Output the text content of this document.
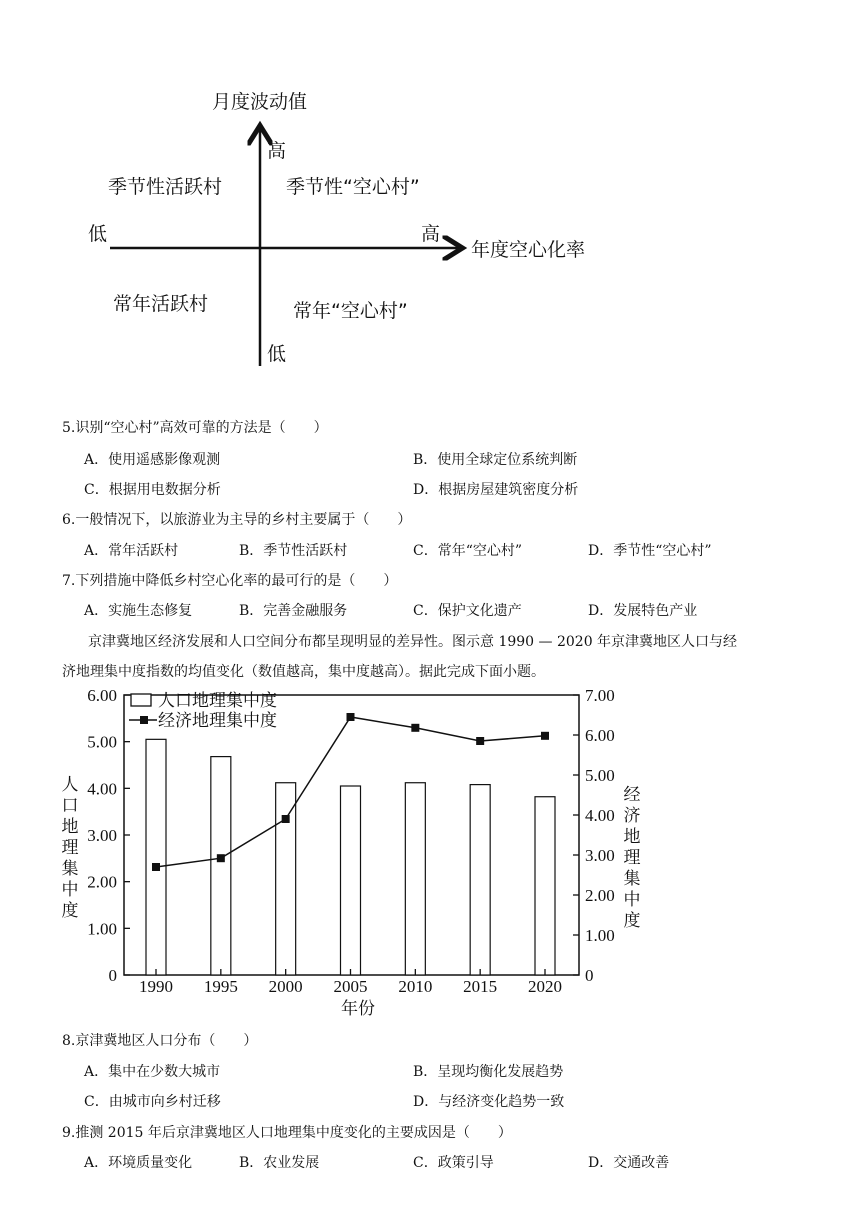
月度波动值
年度空心化率
高
低
高
低
季节性活跃村	季节性“空心村”
常年活跃村	常年“空心村”
5.识别“空心村”高效可靠的方法是（　　）
A．使用遥感影像观测	B．使用全球定位系统判断
C．根据用电数据分析	D．根据房屋建筑密度分析
6.一般情况下，以旅游业为主导的乡村主要属于（　　）
A．常年活跃村	B．季节性活跃村	C．常年“空心村”	D．季节性“空心村”
7.下列措施中降低乡村空心化率的最可行的是（　　）
A．实施生态修复	B．完善金融服务	C．保护文化遗产	D．发展特色产业
京津冀地区经济发展和人口空间分布都呈现明显的差异性。图示意 1990 — 2020 年京津冀地区人口与经
济地理集中度指数的均值变化（数值越高，集中度越高）。据此完成下面小题。
0
1.00
2.00
3.00
4.00
5.00
6.00
0
1.00
2.00
3.00
4.00
5.00
6.00
7.00
1990 1995 2000 2005 2010 2015 2020
人口地理集中度
经济地理集中度
年份
人口地理集中度
经济地理集中度
8.京津冀地区人口分布（　　）
A．集中在少数大城市	B．呈现均衡化发展趋势
C．由城市向乡村迁移	D．与经济变化趋势一致
9.推测 2015 年后京津冀地区人口地理集中度变化的主要成因是（　　）
A．环境质量变化	B．农业发展	C．政策引导	D．交通改善
